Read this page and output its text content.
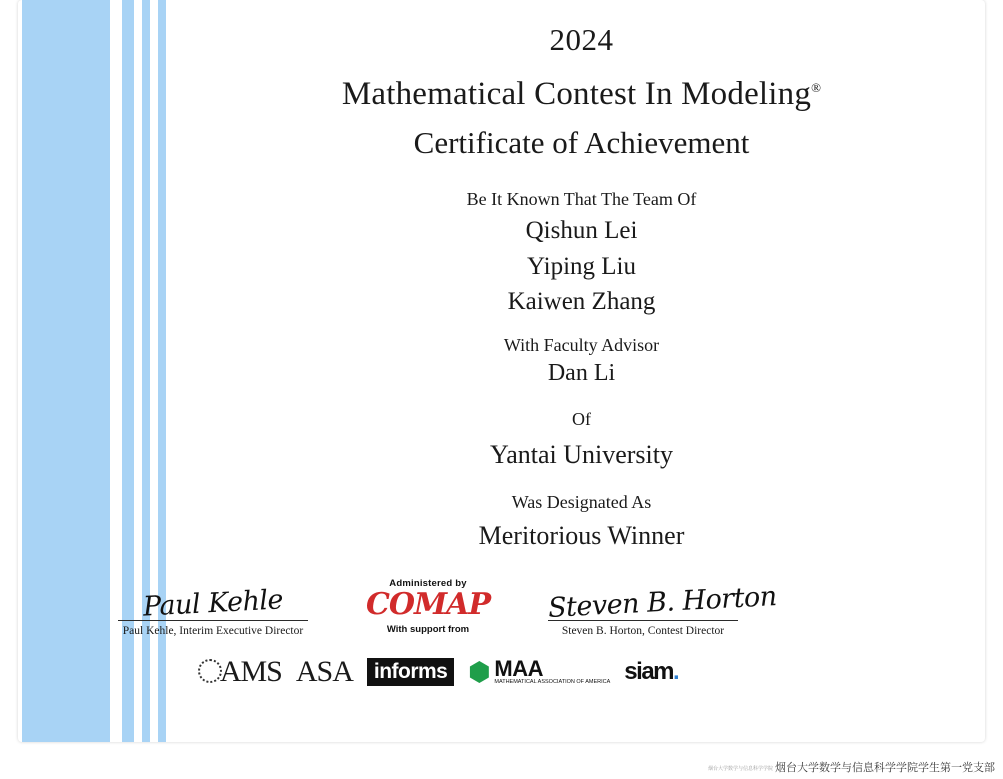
2024
Mathematical Contest In Modeling®
Certificate of Achievement
Be It Known That The Team Of
Qishun Lei
Yiping Liu
Kaiwen Zhang
With Faculty Advisor
Dan Li
Of
Yantai University
Was Designated As
Meritorious Winner
Paul Kehle
Paul Kehle, Interim Executive Director
Administered by
COMAP
With support from
Steven B. Horton
Steven B. Horton, Contest Director
AMS ASA	informs	MAA
MATHEMATICAL ASSOCIATION OF AMERICA siam.
烟台大学数学与信息科学学院 烟台大学数学与信息科学学院学生第一党支部
